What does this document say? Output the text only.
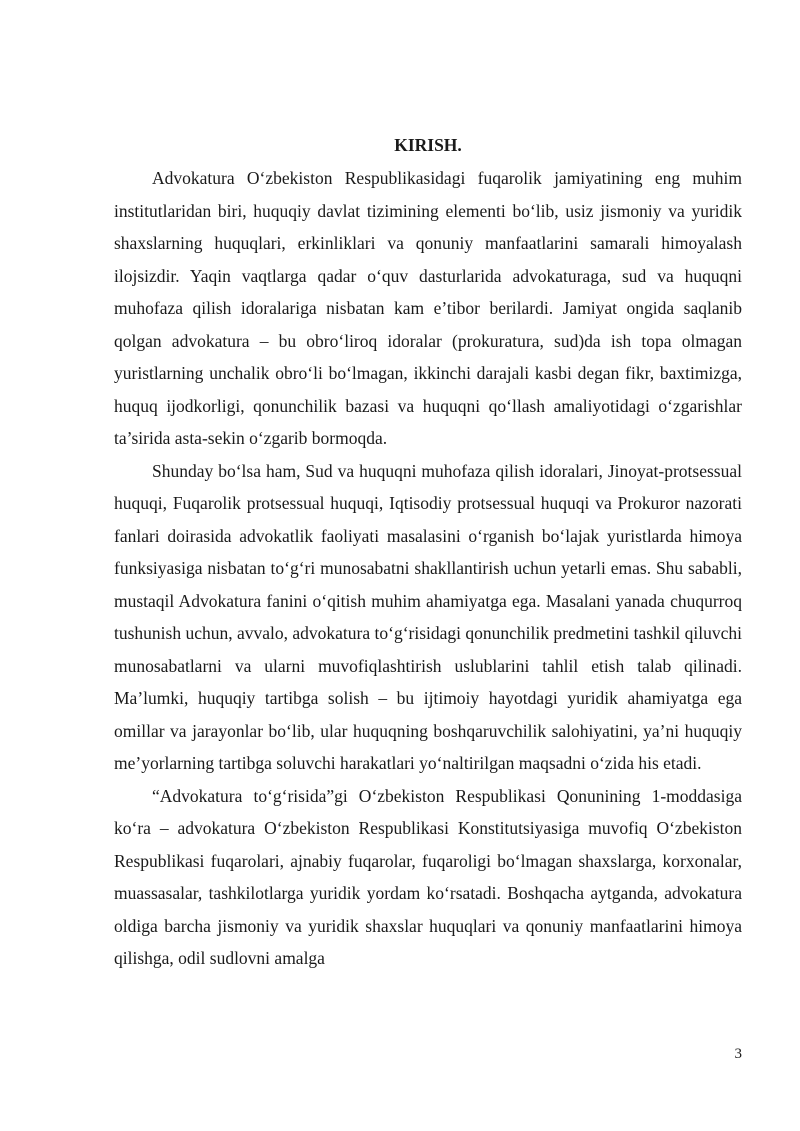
KIRISH.

Advokatura O‘zbekiston Respublikasidagi fuqarolik jamiyatining eng muhim institutlaridan biri, huquqiy davlat tizimining elementi bo‘lib, usiz jismoniy va yuridik shaxslarning huquqlari, erkinliklari va qonuniy manfaatlarini samarali himoyalash ilojsizdir. Yaqin vaqtlarga qadar o‘quv dasturlarida advokaturaga, sud va huquqni muhofaza qilish idoralariga nisbatan kam e’tibor berilardi. Jamiyat ongida saqlanib qolgan advokatura – bu obro‘liroq idoralar (prokuratura, sud)da ish topa olmagan yuristlarning unchalik obro‘li bo‘lmagan, ikkinchi darajali kasbi degan fikr, baxtimizga, huquq ijodkorligi, qonunchilik bazasi va huquqni qo‘llash amaliyotidagi o‘zgarishlar ta’sirida asta-sekin o‘zgarib bormoqda.

Shunday bo‘lsa ham, Sud va huquqni muhofaza qilish idoralari, Jinoyat-protsessual huquqi, Fuqarolik protsessual huquqi, Iqtisodiy protsessual huquqi va Prokuror nazorati fanlari doirasida advokatlik faoliyati masalasini o‘rganish bo‘lajak yuristlarda himoya funksiyasiga nisbatan to‘g‘ri munosabatni shakllantirish uchun yetarli emas. Shu sababli, mustaqil Advokatura fanini o‘qitish muhim ahamiyatga ega. Masalani yanada chuqurroq tushunish uchun, avvalo, advokatura to‘g‘risidagi qonunchilik predmetini tashkil qiluvchi munosabatlarni va ularni muvofiqlashtirish uslublarini tahlil etish talab qilinadi. Ma’lumki, huquqiy tartibga solish – bu ijtimoiy hayotdagi yuridik ahamiyatga ega omillar va jarayonlar bo‘lib, ular huquqning boshqaruvchilik salohiyatini, ya’ni huquqiy me’yorlarning tartibga soluvchi harakatlari yo‘naltirilgan maqsadni o‘zida his etadi.

“Advokatura to‘g‘risida”gi O‘zbekiston Respublikasi Qonunining 1-moddasiga ko‘ra – advokatura O‘zbekiston Respublikasi Konstitutsiyasiga muvofiq O‘zbekiston Respublikasi fuqarolari, ajnabiy fuqarolar, fuqaroligi bo‘lmagan shaxslarga, korxonalar, muassasalar, tashkilotlarga yuridik yordam ko‘rsatadi. Boshqacha aytganda, advokatura oldiga barcha jismoniy va yuridik shaxslar huquqlari va qonuniy manfaatlarini himoya qilishga, odil sudlovni amalga

3
